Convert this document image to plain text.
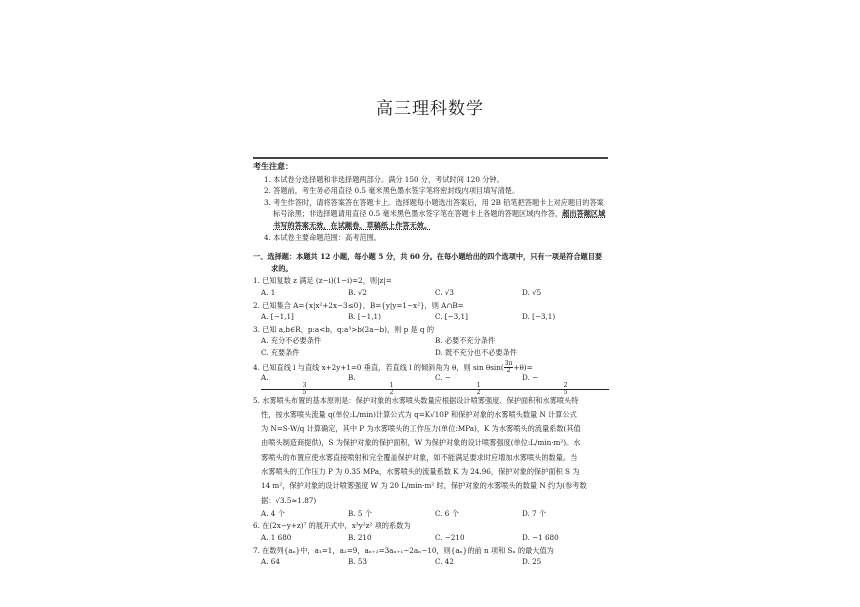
高三理科数学
考生注意：
1. 本试卷分选择题和非选择题两部分。满分 150 分，考试时间 120 分钟。
2. 答题前，考生务必用直径 0.5 毫米黑色墨水签字笔将密封线内项目填写清楚。
3. 考生作答时，请将答案答在答题卡上。选择题每小题选出答案后，用 2B 铅笔把答题卡上对应题目的答案标号涂黑；非选择题请用直径 0.5 毫米黑色墨水签字笔在答题卡上各题的答题区域内作答，超出答题区域书写的答案无效，在试题卷、草稿纸上作答无效。
4. 本试卷主要命题范围：高考范围。
一、选择题：本题共 12 小题，每小题 5 分，共 60 分。在每小题给出的四个选项中，只有一项是符合题目要
求的。
1. 已知复数 z 满足 (z−i)(1−i)=2，则|z|=
A. 1	B. √2	C. √3	D. √5
2. 已知集合 A={x|x²+2x−3≤0}，B={y|y=1−x²}，则 A∩B=
A. [−1,1]	B. [−1,1)	C. [−3,1]	D. [−3,1)
3. 已知 a,b∈R，p:a<b，q:a³>b(2a−b)，则 p 是 q 的
A. 充分不必要条件	B. 必要不充分条件
C. 充要条件	D. 既不充分也不必要条件
4. 已知直线 l 与直线 x+2y+1=0 垂直，若直线 l 的倾斜角为 θ，则 $\sin \theta\sin( \frac{3\pi}{2} +\theta)=$
A.
$\frac{3}{5}$
B.
$\frac{1}{2}$
C. −
$\frac{1}{2}$
D. −
$\frac{2}{5}$
5. 水雾喷头布置的基本原则是：保护对象的水雾喷头数量应根据设计喷雾强度、保护面积和水雾喷头特
性，按水雾喷头流量 q(单位:L/min)计算公式为 q=K√10P 和保护对象的水雾喷头数量 N 计算公式
为 N=S·W/q 计算确定，其中 P 为水雾喷头的工作压力(单位:MPa)，K 为水雾喷头的流量系数(其值
由喷头制造商提供)，S 为保护对象的保护面积，W 为保护对象的设计喷雾强度(单位:L/min·m²)。水
雾喷头的布置应使水雾直接喷射和完全覆盖保护对象，如不能满足要求时应增加水雾喷头的数量。当
水雾喷头的工作压力 P 为 0.35 MPa，水雾喷头的流量系数 K 为 24.96，保护对象的保护面积 S 为
14 m²，保护对象的设计喷雾强度 W 为 20 L/min·m² 时，保护对象的水雾喷头的数量 N 约为(参考数
据：√3.5≈1.87)
A. 4 个	B. 5 个	C. 6 个	D. 7 个
6. 在(2x−y+z)⁷ 的展开式中，x³y²z² 项的系数为
A. 1 680	B. 210	C. −210	D. −1 680
7. 在数列{aₙ}中，a₁=1，a₂=9，aₙ₊₂=3aₙ₊₁−2aₙ−10，则{aₙ}的前 n 项和 Sₙ 的最大值为
A. 64	B. 53	C. 42	D. 25
